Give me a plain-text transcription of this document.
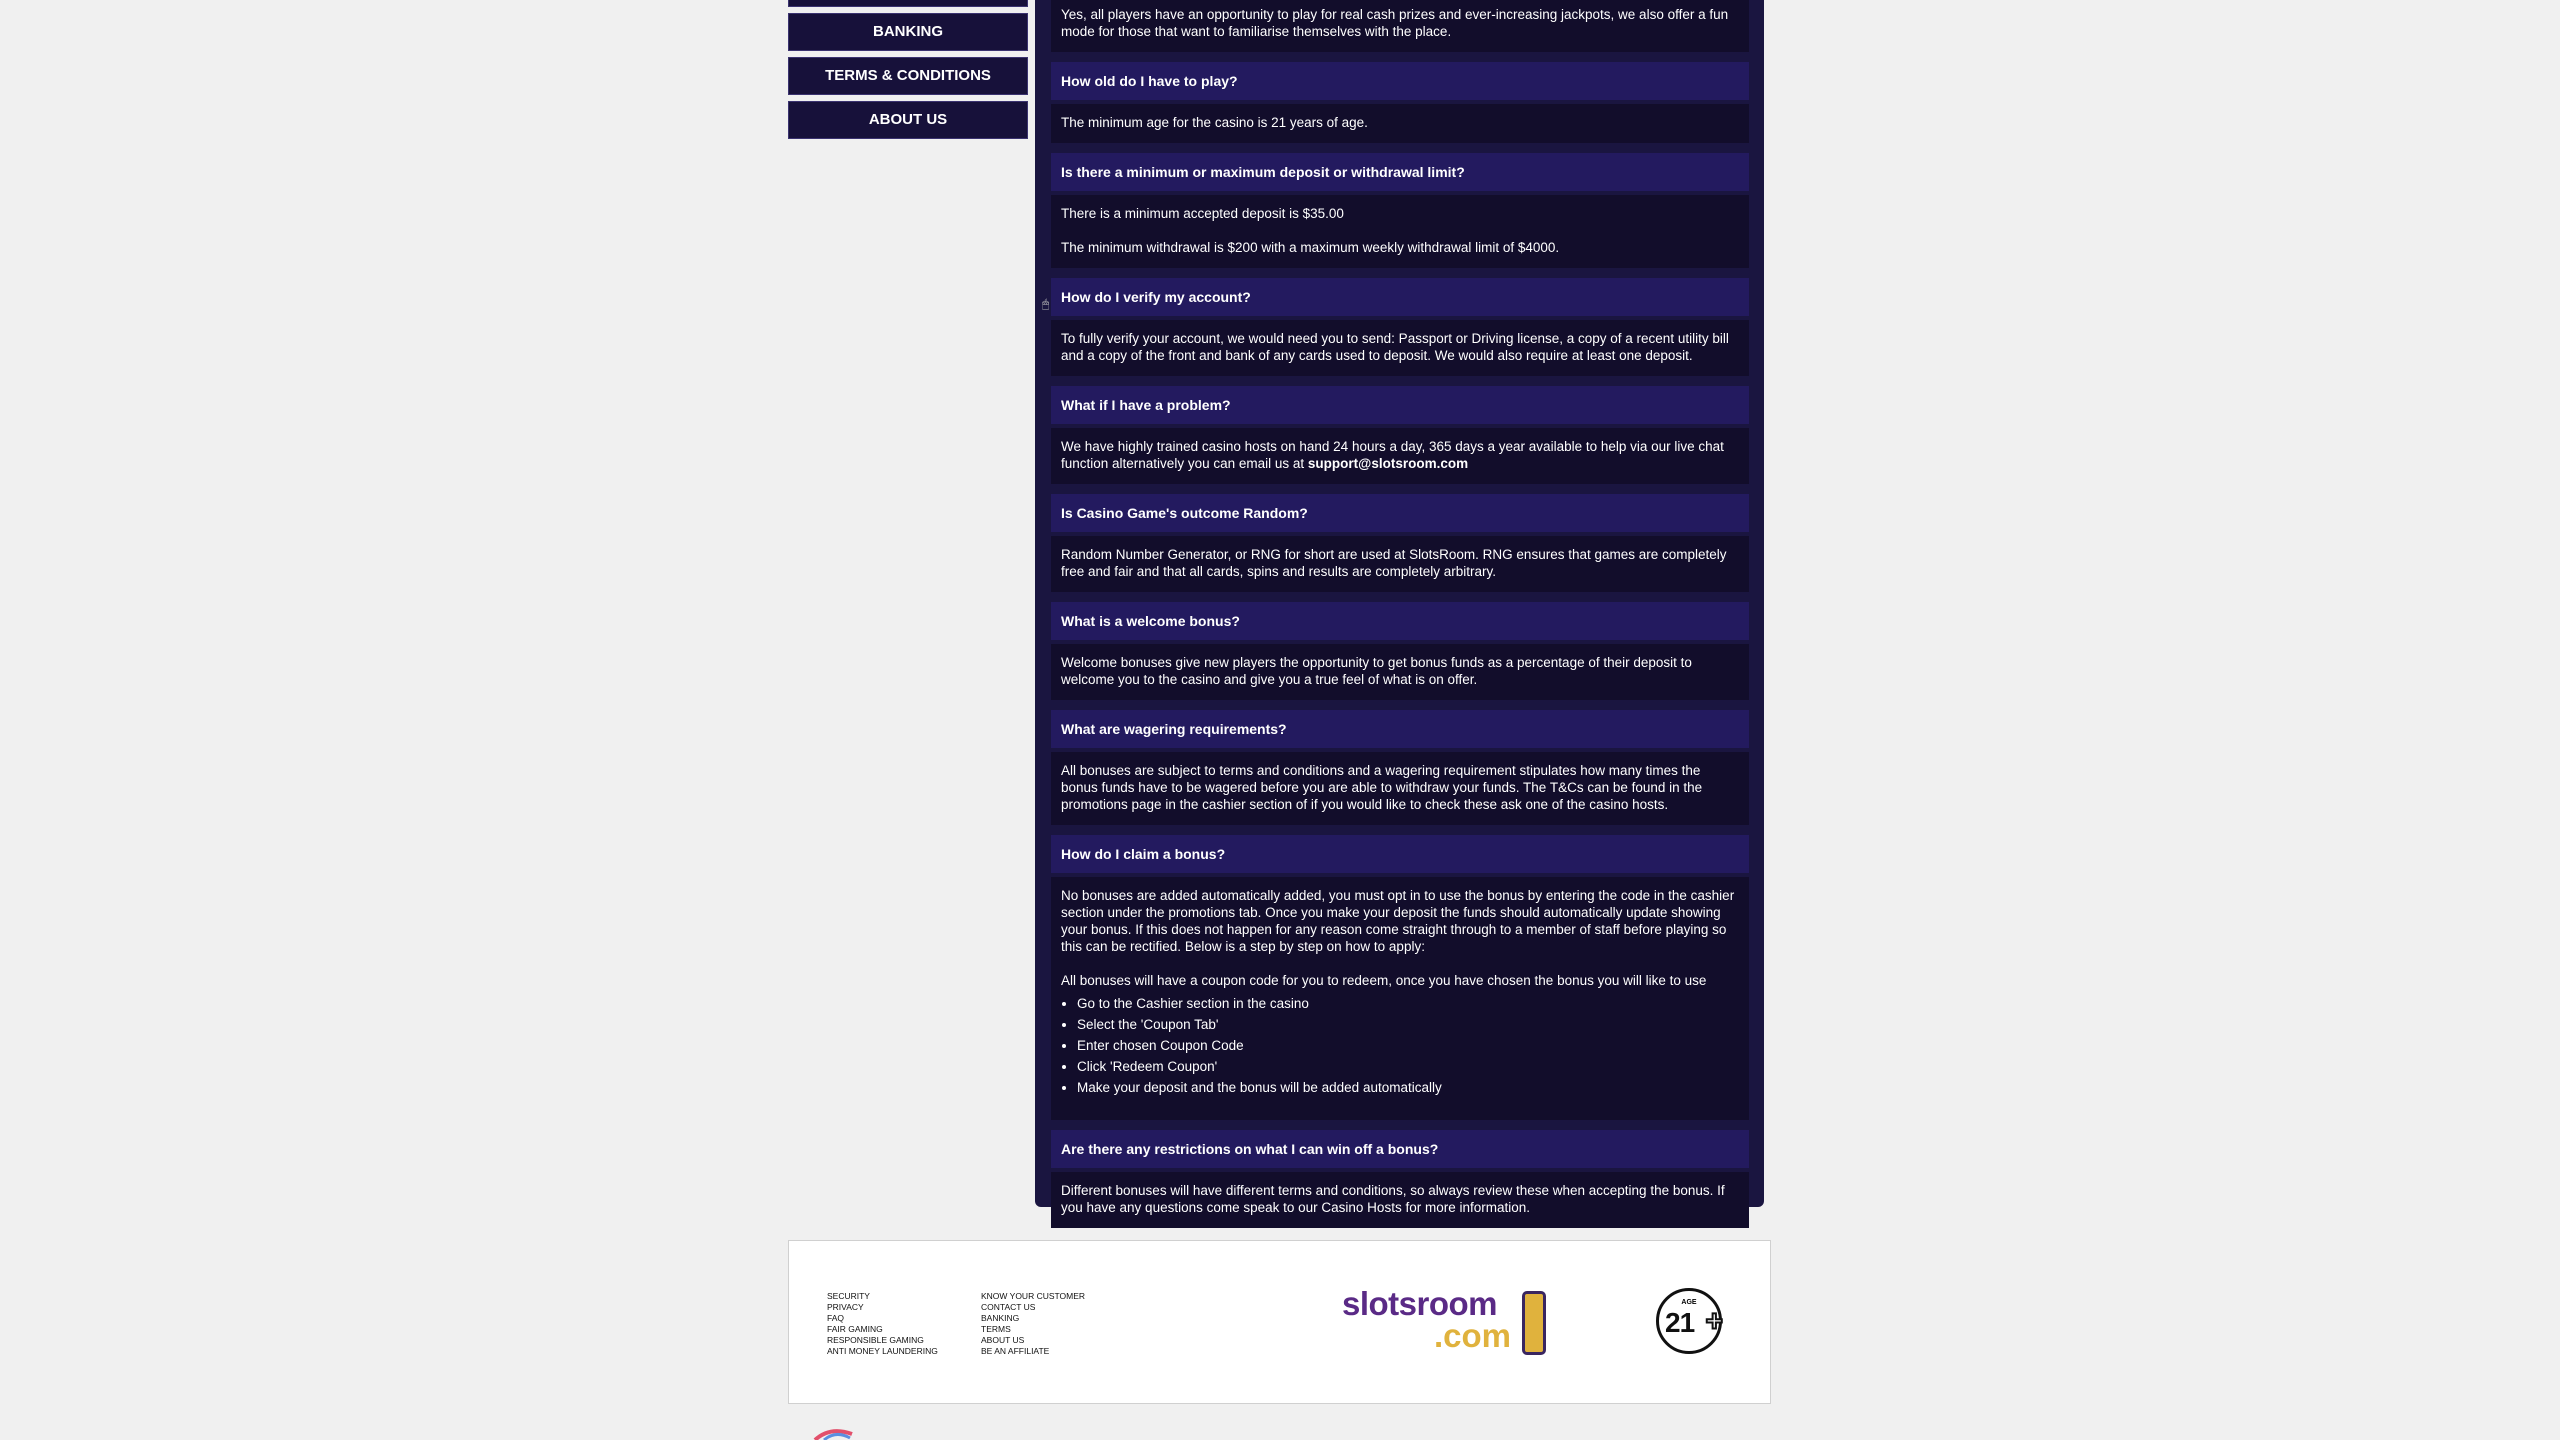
BANKING
TERMS & CONDITIONS
ABOUT US

Yes, all players have an opportunity to play for real cash prizes and ever-increasing jackpots, we also offer a fun mode for those that want to familiarise themselves with the place.

How old do I have to play?

The minimum age for the casino is 21 years of age.

Is there a minimum or maximum deposit or withdrawal limit?

There is a minimum accepted deposit is $35.00

The minimum withdrawal is $200 with a maximum weekly withdrawal limit of $4000.

How do I verify my account?

To fully verify your account, we would need you to send: Passport or Driving license, a copy of a recent utility bill and a copy of the front and bank of any cards used to deposit. We would also require at least one deposit.

What if I have a problem?

We have highly trained casino hosts on hand 24 hours a day, 365 days a year available to help via our live chat function alternatively you can email us at support@slotsroom.com

Is Casino Game's outcome Random?

Random Number Generator, or RNG for short are used at SlotsRoom. RNG ensures that games are completely free and fair and that all cards, spins and results are completely arbitrary.

What is a welcome bonus?

Welcome bonuses give new players the opportunity to get bonus funds as a percentage of their deposit to welcome you to the casino and give you a true feel of what is on offer.

What are wagering requirements?

All bonuses are subject to terms and conditions and a wagering requirement stipulates how many times the bonus funds have to be wagered before you are able to withdraw your funds. The T&Cs can be found in the promotions page in the cashier section of if you would like to check these ask one of the casino hosts.

How do I claim a bonus?

No bonuses are added automatically added, you must opt in to use the bonus by entering the code in the cashier section under the promotions tab. Once you make your deposit the funds should automatically update showing your bonus. If this does not happen for any reason come straight through to a member of staff before playing so this can be rectified. Below is a step by step on how to apply:

All bonuses will have a coupon code for you to redeem, once you have chosen the bonus you will like to use

• Go to the Cashier section in the casino
• Select the 'Coupon Tab'
• Enter chosen Coupon Code
• Click 'Redeem Coupon'
• Make your deposit and the bonus will be added automatically
Are there any restrictions on what I can win off a bonus?

Different bonuses will have different terms and conditions, so always review these when accepting the bonus. If you have any questions come speak to our Casino Hosts for more information.

🖱
SECURITY
PRIVACY
FAQ
FAIR GAMING
RESPONSIBLE GAMING
ANTI MONEY LAUNDERING
KNOW YOUR CUSTOMER
CONTACT US
BANKING
TERMS
ABOUT US
BE AN AFFILIATE
slotsroom
.com
AGE
21 +
